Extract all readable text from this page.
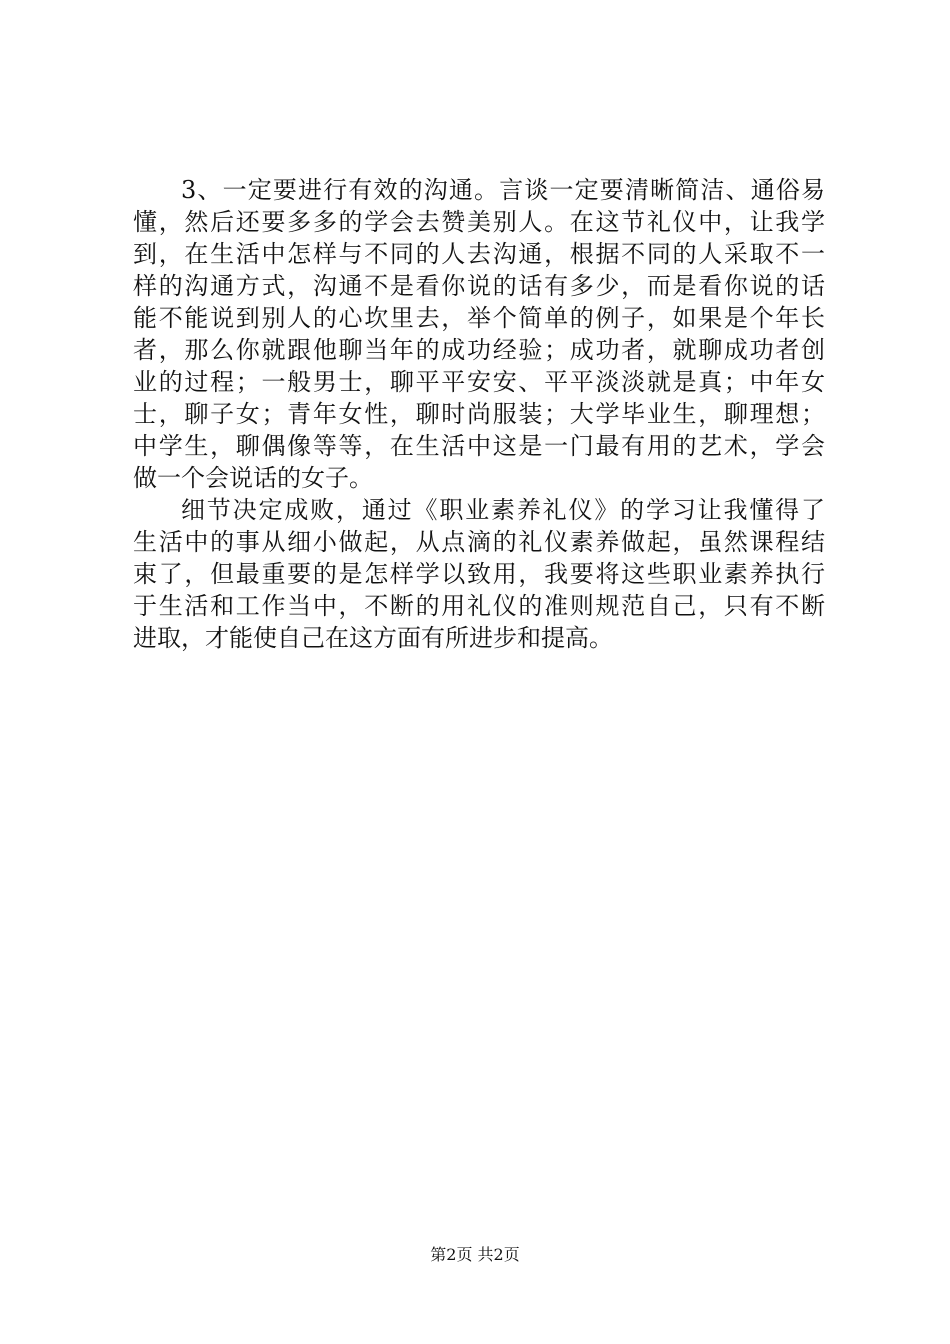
3、一定要进行有效的沟通。言谈一定要清晰简洁、通俗易
懂，然后还要多多的学会去赞美别人。在这节礼仪中，让我学
到，在生活中怎样与不同的人去沟通，根据不同的人采取不一
样的沟通方式，沟通不是看你说的话有多少，而是看你说的话
能不能说到别人的心坎里去，举个简单的例子，如果是个年长
者，那么你就跟他聊当年的成功经验；成功者，就聊成功者创
业的过程；一般男士，聊平平安安、平平淡淡就是真；中年女
士，聊子女；青年女性，聊时尚服装；大学毕业生，聊理想；
中学生，聊偶像等等，在生活中这是一门最有用的艺术，学会
做一个会说话的女子。
细节决定成败，通过《职业素养礼仪》的学习让我懂得了
生活中的事从细小做起，从点滴的礼仪素养做起，虽然课程结
束了，但最重要的是怎样学以致用，我要将这些职业素养执行
于生活和工作当中，不断的用礼仪的准则规范自己，只有不断
进取，才能使自己在这方面有所进步和提高。
第2页 共2页
